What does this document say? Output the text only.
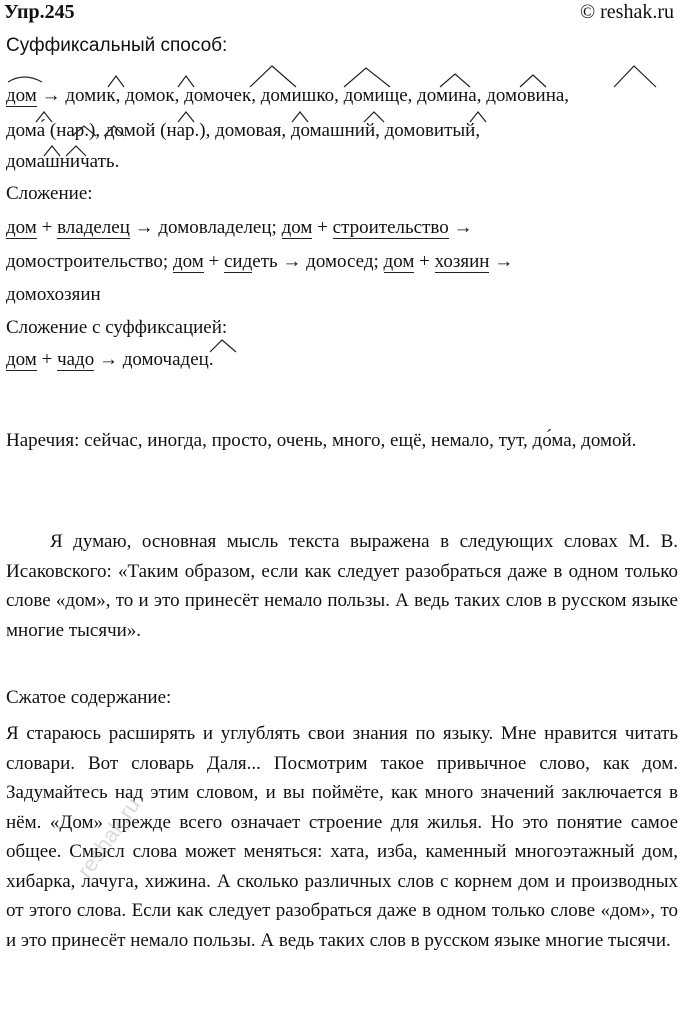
Упр.245	© reshak.ru
Суффиксальный способ:
дом → домик, домок, домочек, домишко, домище, домина, домовина,
дома́ (нар.), домой (нар.), домовая, домашний, домовитый,
домашничать.
Сложение:
дом + владелец → домовладелец; дом + строительство →
домостроительство; дом + сидеть → домосед; дом + хозяин →
домохозяин
Сложение с суффиксацией:
дом + чадо → домочадец.
Наречия: сейчас, иногда, просто, очень, много, ещё, немало, тут, до́ма, домой.
Я думаю, основная мысль текста выражена в следующих словах М. В. Исаковского: «Таким образом, если как следует разобраться даже в одном только слове «дом», то и это принесёт немало пользы. А ведь таких слов в русском языке многие тысячи».
Сжатое содержание:
Я стараюсь расширять и углублять свои знания по языку. Мне нравится читать словари. Вот словарь Даля... Посмотрим такое привычное слово, как дом. Задумайтесь над этим словом, и вы поймёте, как много значений заключается в нём. «Дом» прежде всего означает строение для жилья. Но это понятие самое общее. Смысл слова может меняться: хата, изба, каменный многоэтажный дом, хибарка, лачуга, хижина. А сколько различных слов с корнем дом и производных от этого слова. Если как следует разобраться даже в одном только слове «дом», то и это принесёт немало пользы. А ведь таких слов в русском языке многие тысячи.
reshak.ru
